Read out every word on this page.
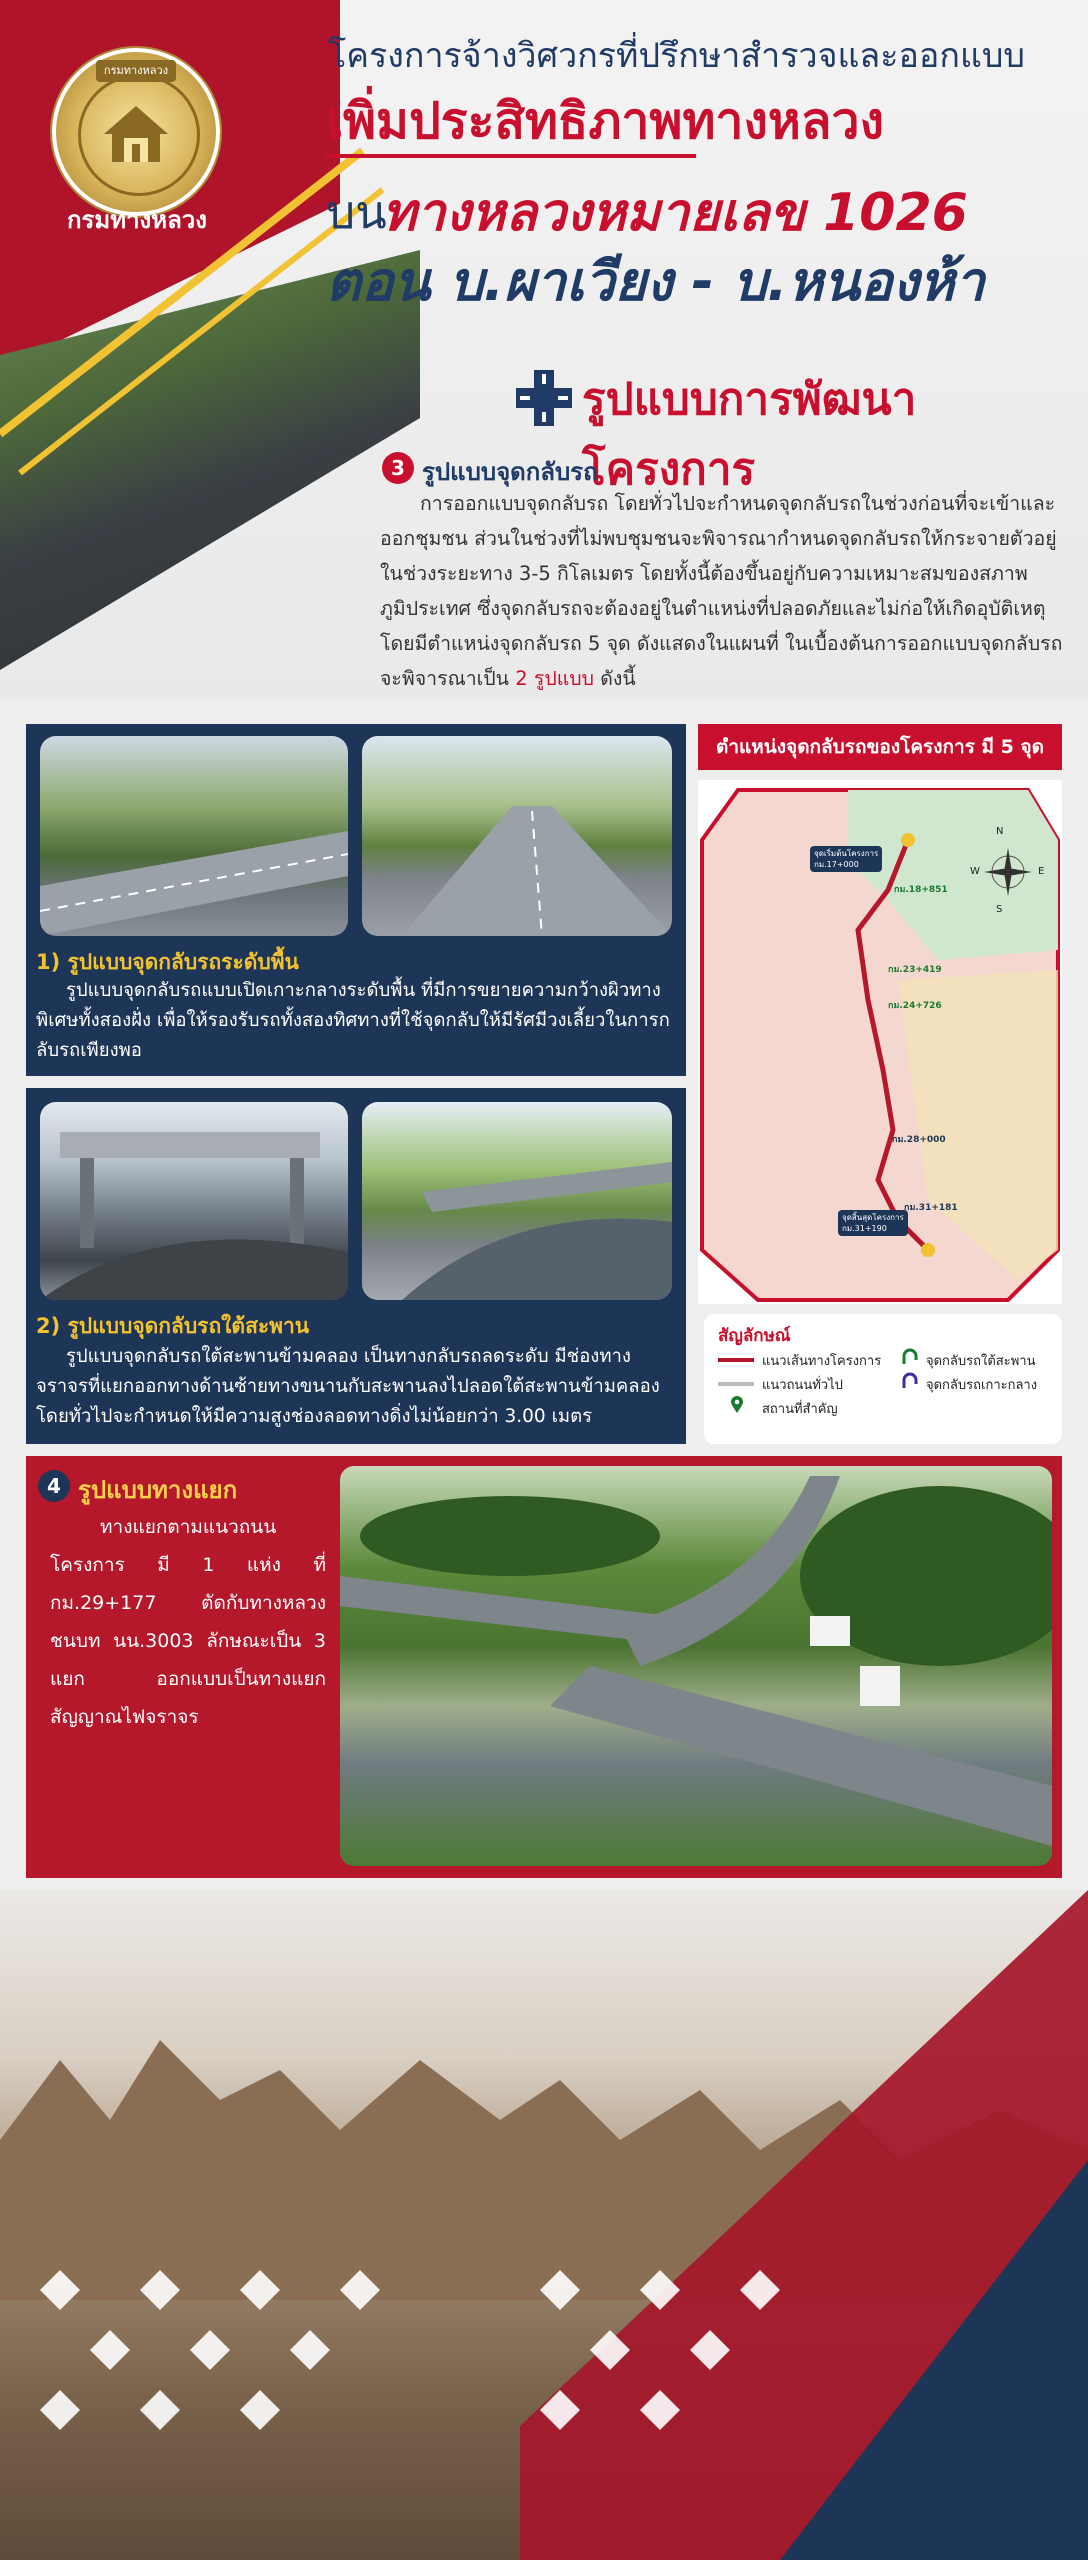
กรมทางหลวง
กรมทางหลวง
โครงการจ้างวิศวกรที่ปรึกษาสำรวจและออกแบบ
เพิ่มประสิทธิภาพทางหลวง
บน
ทางหลวงหมายเลข 1026
ตอน บ.ผาเวียง - บ.หนองห้า
รูปแบบการพัฒนาโครงการ
3 รูปแบบจุดกลับรถ
การออกแบบจุดกลับรถ โดยทั่วไปจะกำหนดจุดกลับรถในช่วงก่อนที่จะเข้าและออกชุมชน ส่วนในช่วงที่ไม่พบชุมชนจะพิจารณากำหนดจุดกลับรถให้กระจายตัวอยู่ในช่วงระยะทาง 3-5 กิโลเมตร โดยทั้งนี้ต้องขึ้นอยู่กับความเหมาะสมของสภาพภูมิประเทศ ซึ่งจุดกลับรถจะต้องอยู่ในตำแหน่งที่ปลอดภัยและไม่ก่อให้เกิดอุบัติเหตุ โดยมีตำแหน่งจุดกลับรถ 5 จุด ดังแสดงในแผนที่ ในเบื้องต้นการออกแบบจุดกลับรถจะพิจารณาเป็น 2 รูปแบบ ดังนี้
1) รูปแบบจุดกลับรถระดับพื้น
รูปแบบจุดกลับรถแบบเปิดเกาะกลางระดับพื้น ที่มีการขยายความกว้างผิวทางพิเศษทั้งสองฝั่ง เพื่อให้รองรับรถทั้งสองทิศทางที่ใช้จุดกลับให้มีรัศมีวงเลี้ยวในการกลับรถเพียงพอ
2) รูปแบบจุดกลับรถใต้สะพาน
รูปแบบจุดกลับรถใต้สะพานข้ามคลอง เป็นทางกลับรถลดระดับ มีช่องทางจราจรที่แยกออกทางด้านซ้ายทางขนานกับสะพานลงไปลอดใต้สะพานข้ามคลอง โดยทั่วไปจะกำหนดให้มีความสูงช่องลอดทางดิ่งไม่น้อยกว่า 3.00 เมตร
ตำแหน่งจุดกลับรถของโครงการ มี 5 จุด
N
S
E
W
จุดเริ่มต้นโครงการ
กม.17+000
จุดสิ้นสุดโครงการ
กม.31+190
กม.18+851
กม.23+419
กม.24+726
กม.28+000
กม.31+181
สัญลักษณ์
แนวเส้นทางโครงการ
แนวถนนทั่วไป
สถานที่สำคัญ
จุดกลับรถใต้สะพาน
จุดกลับรถเกาะกลาง
4 รูปแบบทางแยก
ทางแยกตามแนวถนนโครงการ มี 1 แห่ง ที่ กม.29+177 ตัดกับทางหลวงชนบท นน.3003 ลักษณะเป็น 3 แยก ออกแบบเป็นทางแยกสัญญาณไฟจราจร
